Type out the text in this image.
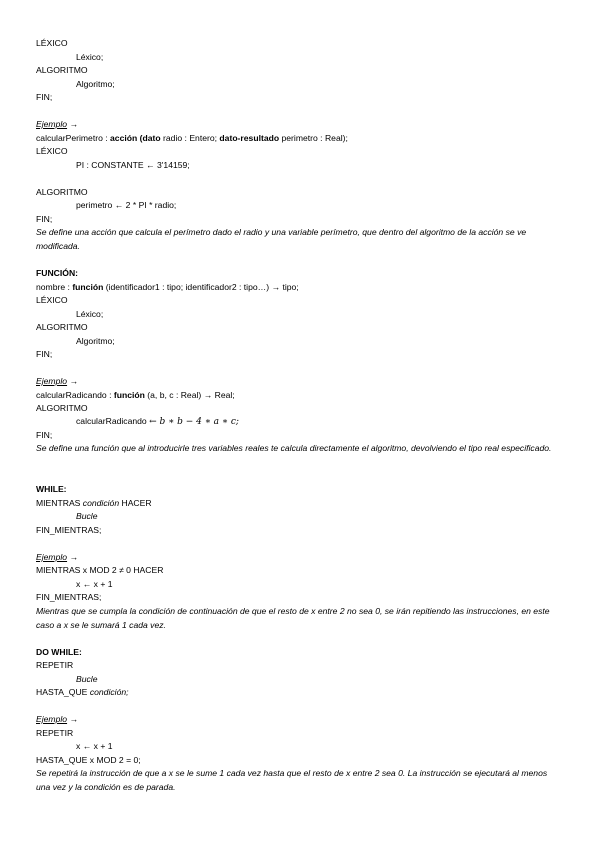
LÉXICO
Léxico;
ALGORITMO
Algoritmo;
FIN;
Ejemplo →
calcularPerimetro : acción (dato radio : Entero; dato-resultado perimetro : Real);
LÉXICO
PI : CONSTANTE ← 3'14159;
ALGORITMO
perimetro ← 2 * PI * radio;
FIN;
Se define una acción que calcula el perímetro dado el radio y una variable perímetro, que dentro del algoritmo de la acción se ve modificada.
FUNCIÓN:
nombre : función (identificador1 : tipo; identificador2 : tipo…) → tipo;
LÉXICO
Léxico;
ALGORITMO
Algoritmo;
FIN;
Ejemplo →
calcularRadicando : función (a, b, c : Real) → Real;
ALGORITMO
calcularRadicando ← b ∗ b − 4 ∗ a ∗ c;
FIN;
Se define una función que al introducirle tres variables reales te calcula directamente el algoritmo, devolviendo el tipo real especificado.
WHILE:
MIENTRAS condición HACER
Bucle
FIN_MIENTRAS;
Ejemplo →
MIENTRAS x MOD 2 ≠ 0 HACER
x ← x + 1
FIN_MIENTRAS;
Mientras que se cumpla la condición de continuación de que el resto de x entre 2 no sea 0, se irán repitiendo las instrucciones, en este caso a x se le sumará 1 cada vez.
DO WHILE:
REPETIR
Bucle
HASTA_QUE condición;
Ejemplo →
REPETIR
x ← x + 1
HASTA_QUE x MOD 2 = 0;
Se repetirá la instrucción de que a x se le sume 1 cada vez hasta que el resto de x entre 2 sea 0. La instrucción se ejecutará al menos una vez y la condición es de parada.
